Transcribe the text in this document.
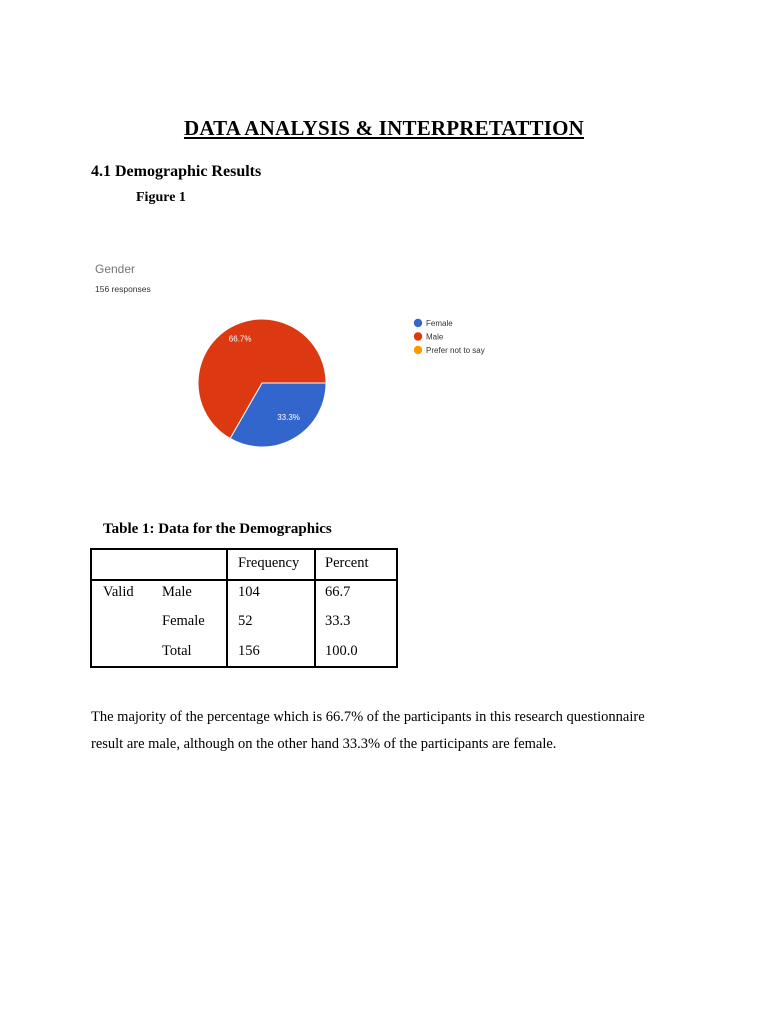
DATA ANALYSIS & INTERPRETATTION
4.1 Demographic Results
Figure 1
Gender
156 responses
33.3%
66.7%
Female
Male
Prefer not to say
Table 1: Data for the Demographics
Frequency Percent
Valid Male	104	66.7
Female 52	33.3
Total	156	100.0
The majority of the percentage which is 66.7% of the participants in this research questionnaire
result are male, although on the other hand 33.3% of the participants are female.
